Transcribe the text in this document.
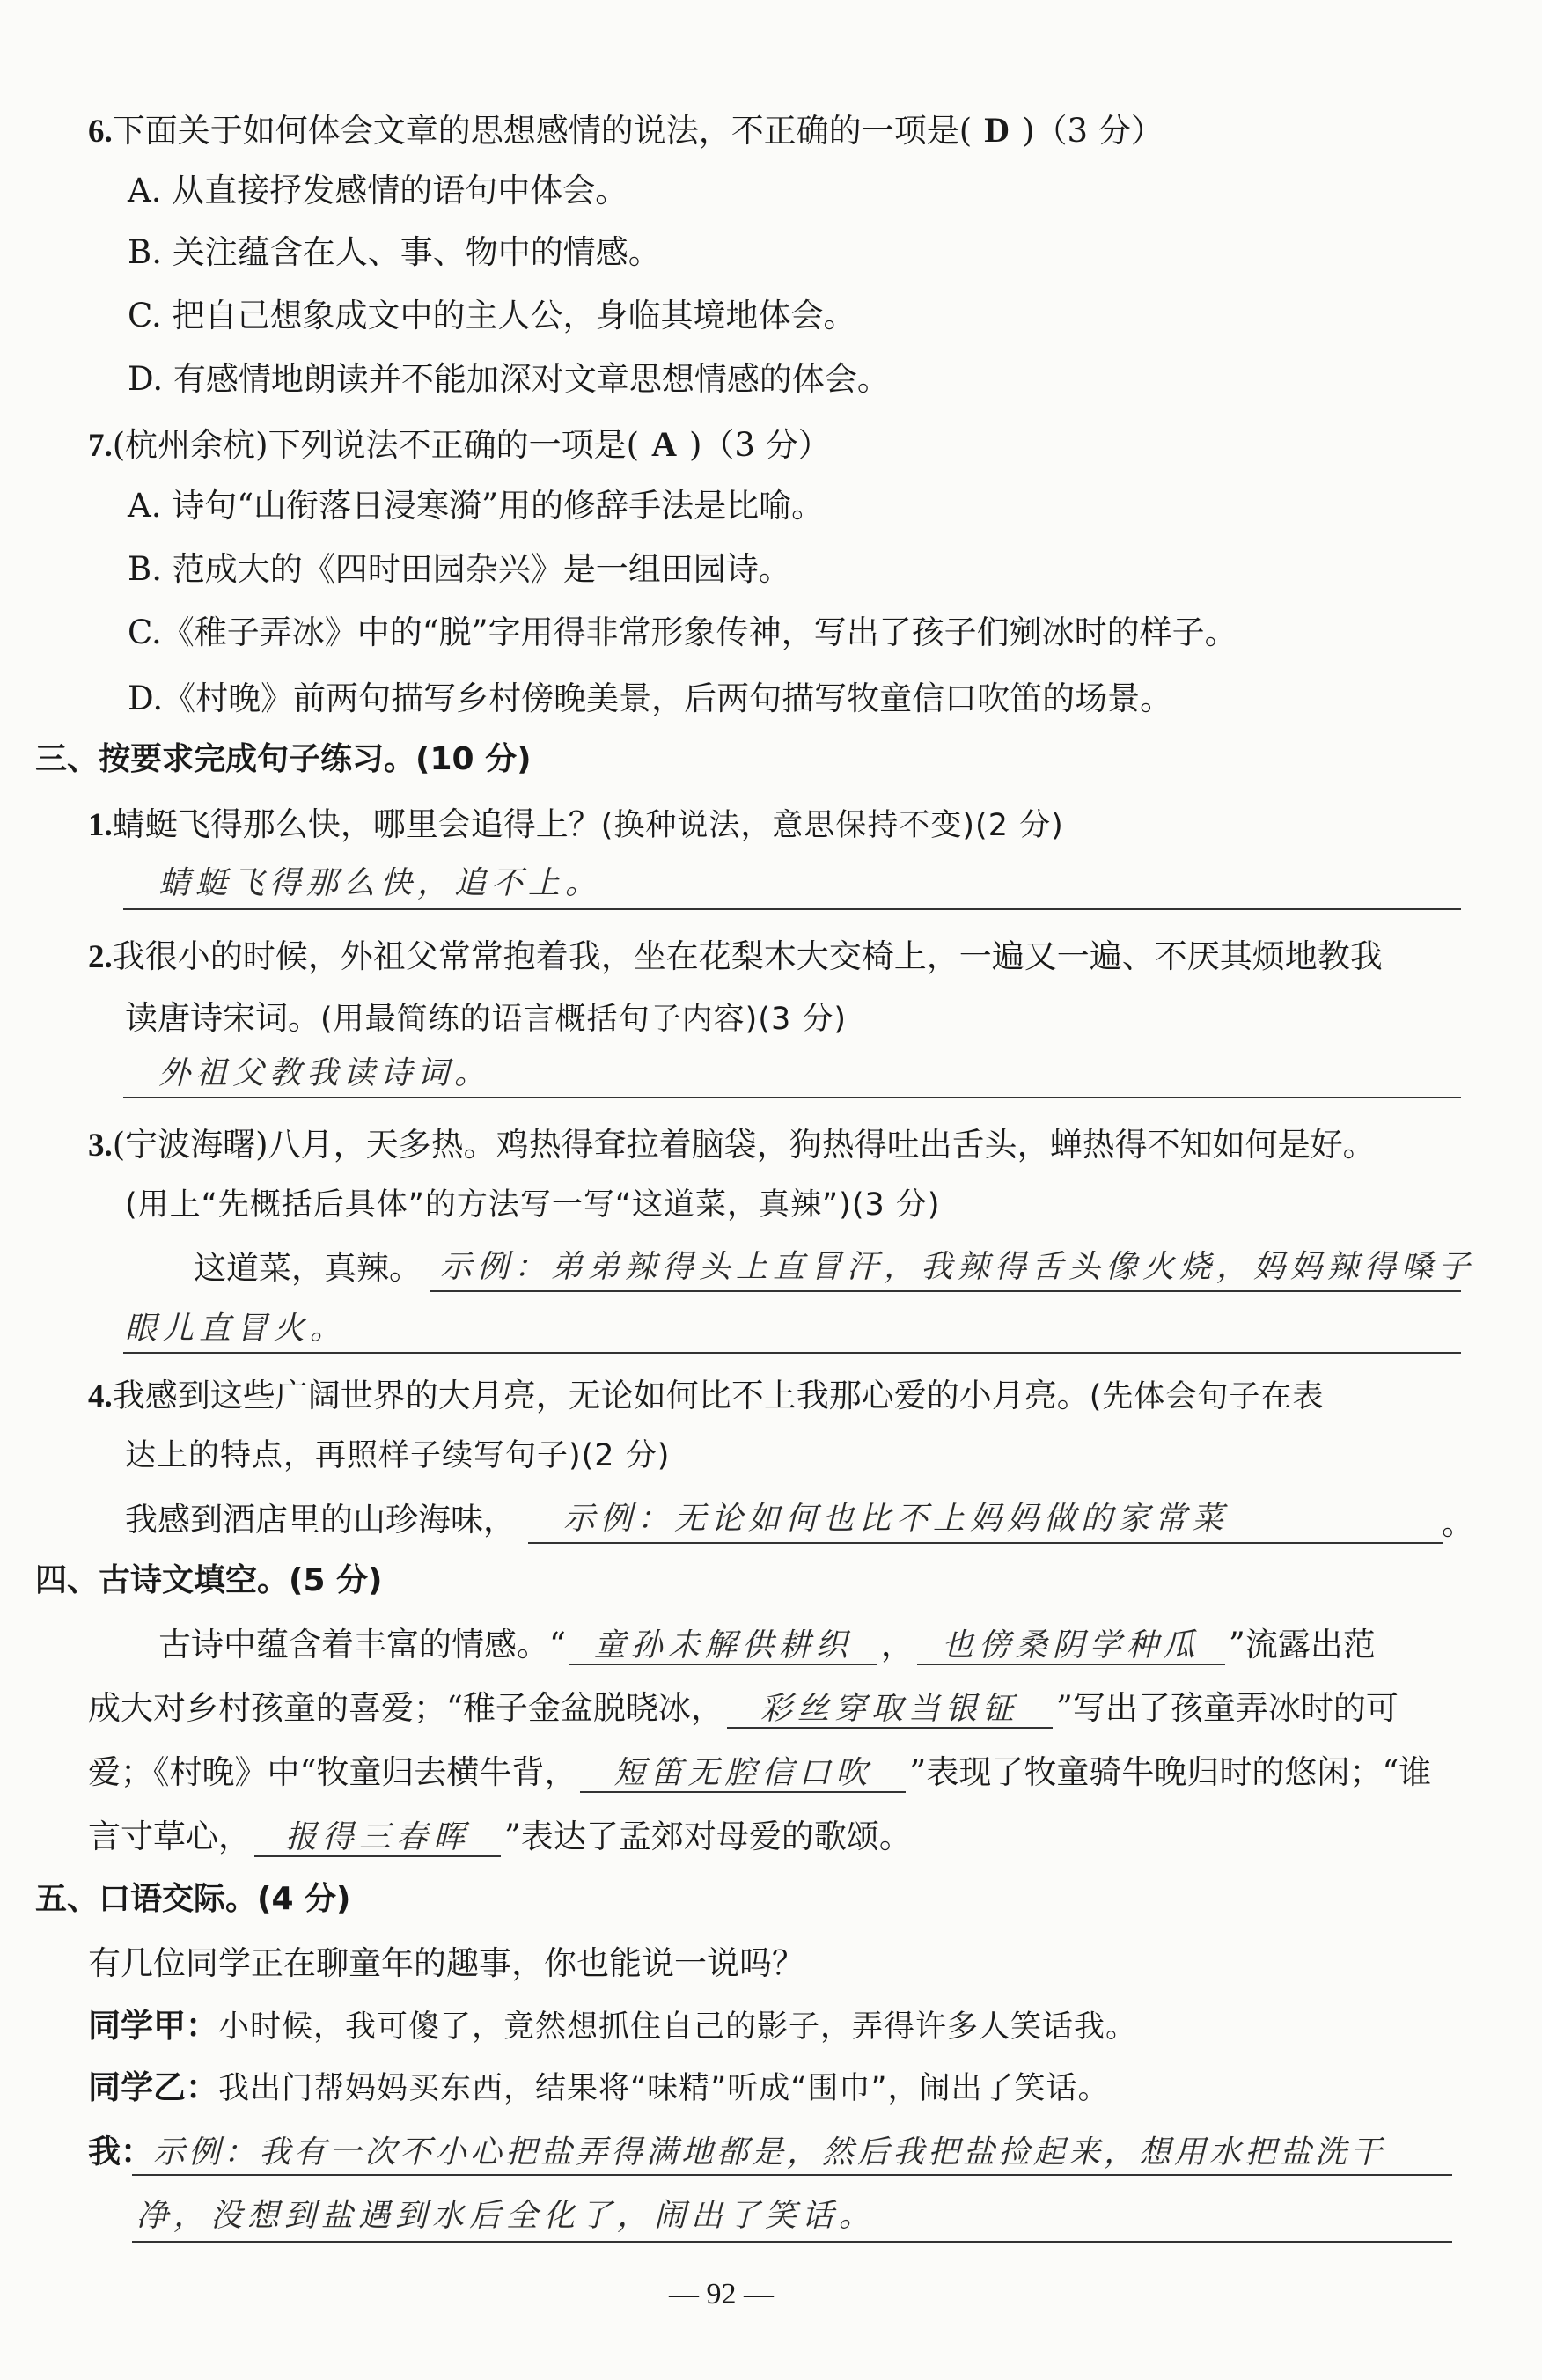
6.下面关于如何体会文章的思想感情的说法，不正确的一项是( D )（3 分）
A. 从直接抒发感情的语句中体会。
B. 关注蕴含在人、事、物中的情感。
C. 把自己想象成文中的主人公，身临其境地体会。
D. 有感情地朗读并不能加深对文章思想情感的体会。
7.(杭州余杭)下列说法不正确的一项是( A )（3 分）
A. 诗句“山衔落日浸寒漪”用的修辞手法是比喻。
B. 范成大的《四时田园杂兴》是一组田园诗。
C.《稚子弄冰》中的“脱”字用得非常形象传神，写出了孩子们剜冰时的样子。
D.《村晚》前两句描写乡村傍晚美景，后两句描写牧童信口吹笛的场景。
三、按要求完成句子练习。(10 分)
1.蜻蜓飞得那么快，哪里会追得上？(换种说法，意思保持不变)(2 分)
蜻蜓飞得那么快，追不上。
2.我很小的时候，外祖父常常抱着我，坐在花梨木大交椅上，一遍又一遍、不厌其烦地教我
读唐诗宋词。(用最简练的语言概括句子内容)(3 分)
外祖父教我读诗词。
3.(宁波海曙)八月，天多热。鸡热得耷拉着脑袋，狗热得吐出舌头，蝉热得不知如何是好。
(用上“先概括后具体”的方法写一写“这道菜，真辣”)(3 分)
这道菜，真辣。 示例：弟弟辣得头上直冒汗，我辣得舌头像火烧，妈妈辣得嗓子
眼儿直冒火。
4.我感到这些广阔世界的大月亮，无论如何比不上我那心爱的小月亮。(先体会句子在表
达上的特点，再照样子续写句子)(2 分)
我感到酒店里的山珍海味， 示例：无论如何也比不上妈妈做的家常菜	。
四、古诗文填空。(5 分)
古诗中蕴含着丰富的情感。“ 童孙未解供耕织 ， 也傍桑阴学种瓜 ”流露出范
成大对乡村孩童的喜爱；“稚子金盆脱晓冰， 彩丝穿取当银钲 ”写出了孩童弄冰时的可
爱；《村晚》中“牧童归去横牛背， 短笛无腔信口吹 ”表现了牧童骑牛晚归时的悠闲；“谁
言寸草心， 报得三春晖 ”表达了孟郊对母爱的歌颂。
五、口语交际。(4 分)
有几位同学正在聊童年的趣事，你也能说一说吗？
同学甲：小时候，我可傻了，竟然想抓住自己的影子，弄得许多人笑话我。
同学乙：我出门帮妈妈买东西，结果将“味精”听成“围巾”，闹出了笑话。
我：示例：我有一次不小心把盐弄得满地都是，然后我把盐捡起来，想用水把盐洗干
净，没想到盐遇到水后全化了，闹出了笑话。
— 92 —
